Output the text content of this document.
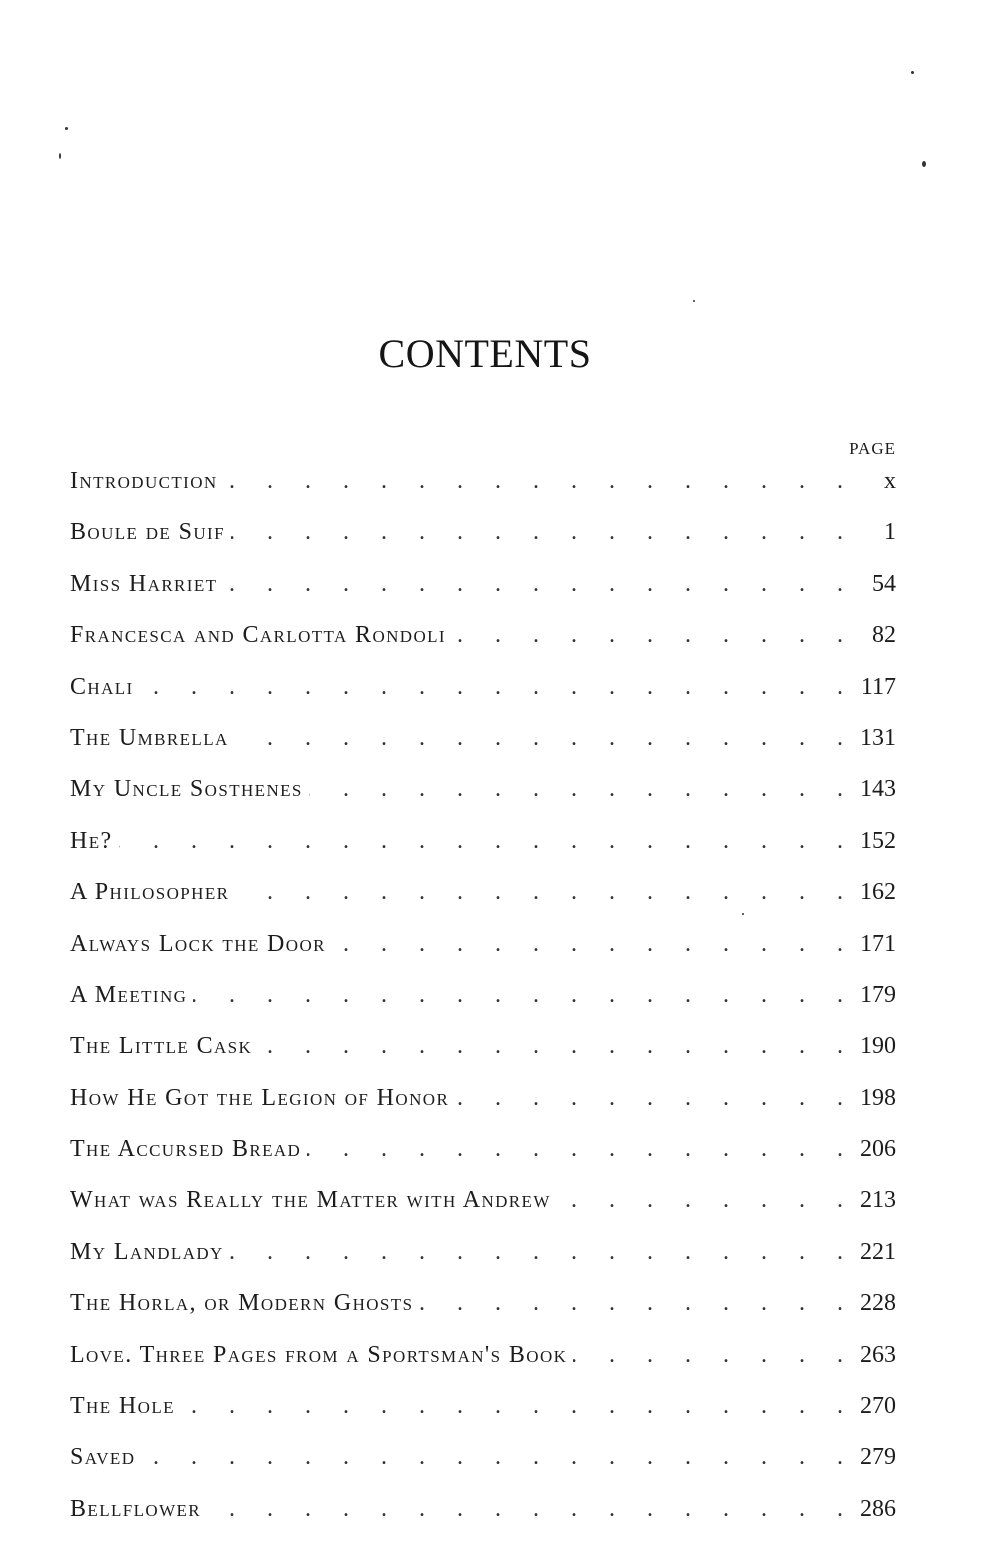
CONTENTS
PAGE
Introduction . . .	x
Boule de Suif . . .	1
Miss Harriet . . .	54
Francesca and Carlotta Rondoli . . .	82
Chali . . .	117
The Umbrella . . .	131
My Uncle Sosthenes . . .	143
He? . . .	152
A Philosopher . . .	162
Always Lock the Door . . .	171
A Meeting . . .	179
The Little Cask . . .	190
How He Got the Legion of Honor . . .	198
The Accursed Bread . . .	206
What was Really the Matter with Andrew . . .	213
My Landlady . . .	221
The Horla, or Modern Ghosts . . .	228
Love. Three Pages from a Sportsman's Book . . .	263
The Hole . . .	270
Saved . . .	279
Bellflower . . .	286
